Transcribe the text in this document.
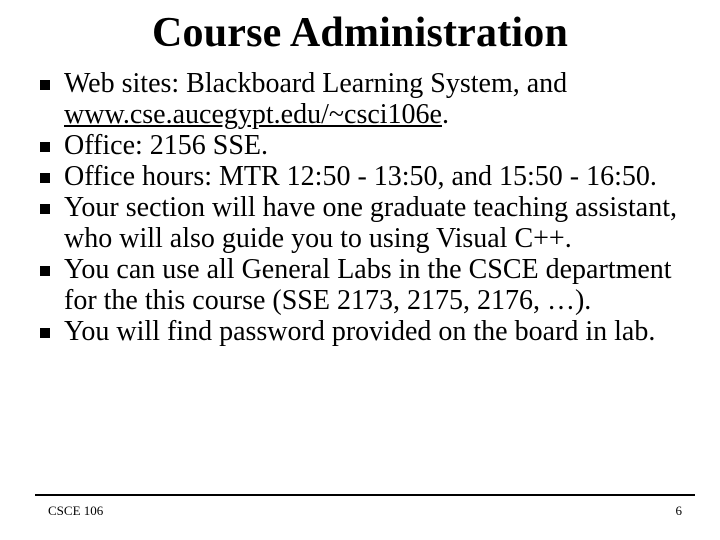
Course Administration
Web sites: Blackboard Learning System, and www.cse.aucegypt.edu/~csci106e.
Office: 2156 SSE.
Office hours: MTR 12:50 - 13:50, and 15:50 - 16:50.
Your section will have one graduate teaching assistant, who will also guide you to using Visual C++.
You can use all General Labs in the CSCE department for the this course (SSE 2173, 2175, 2176, …).
You will find password provided on the board in lab.
CSCE 106	6
